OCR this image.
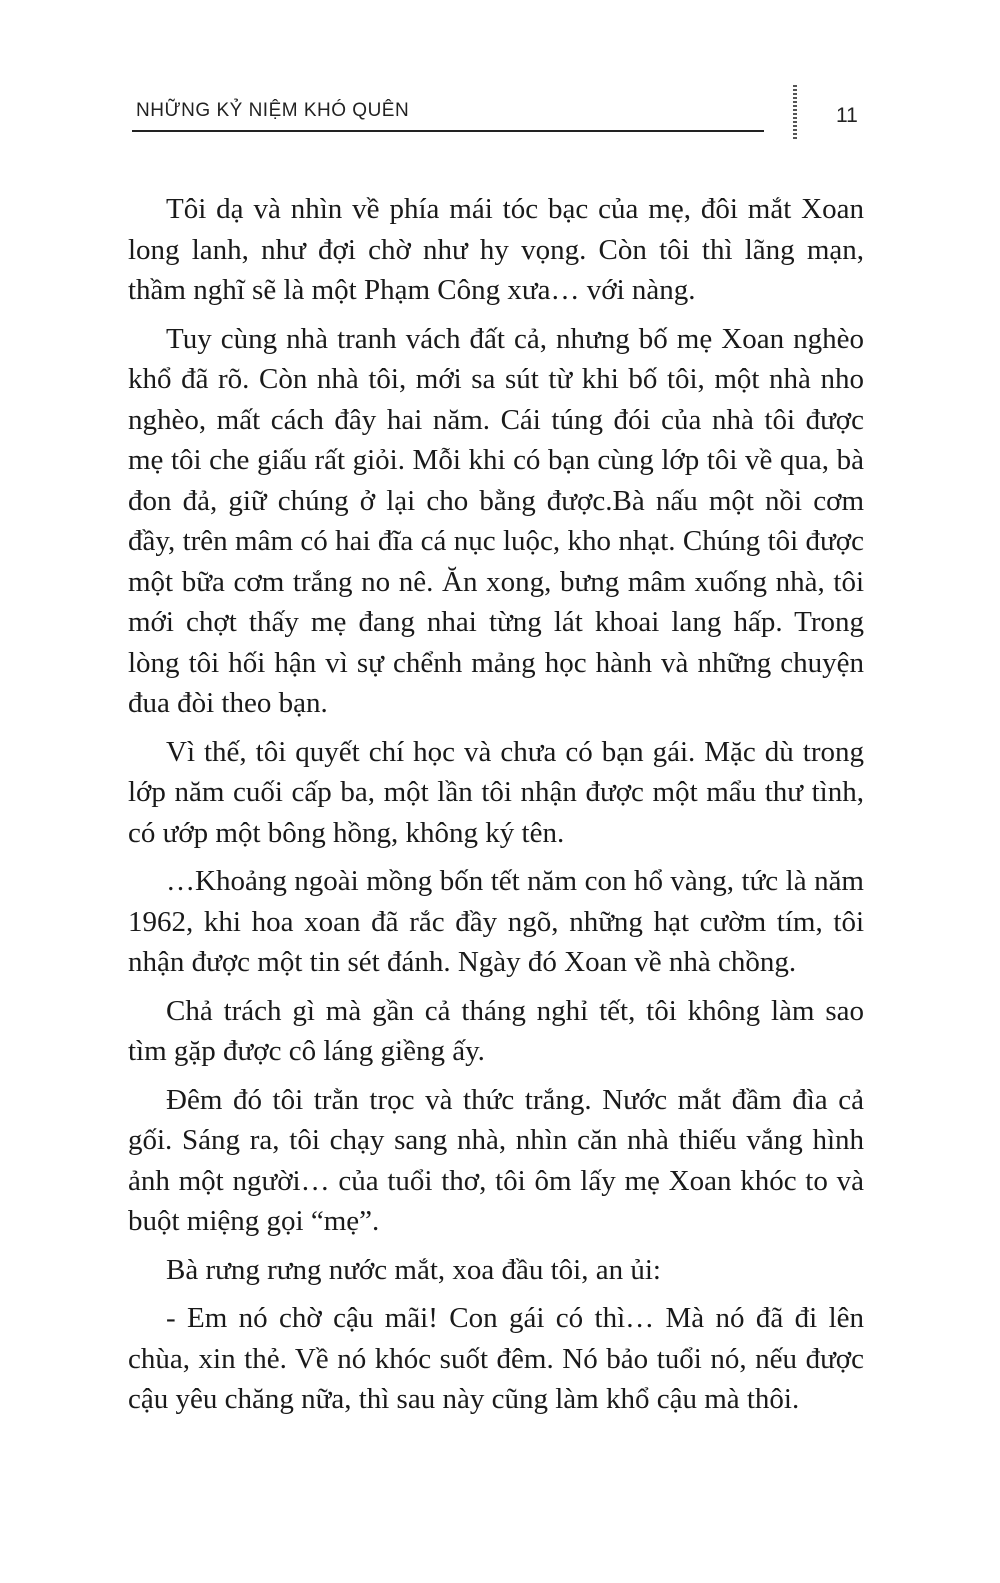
NHỮNG KỶ NIỆM KHÓ QUÊN	11

Tôi dạ và nhìn về phía mái tóc bạc của mẹ, đôi mắt Xoan long lanh, như đợi chờ như hy vọng. Còn tôi thì lãng mạn, thầm nghĩ sẽ là một Phạm Công xưa… với nàng.

Tuy cùng nhà tranh vách đất cả, nhưng bố mẹ Xoan nghèo khổ đã rõ. Còn nhà tôi, mới sa sút từ khi bố tôi, một nhà nho nghèo, mất cách đây hai năm. Cái túng đói của nhà tôi được mẹ tôi che giấu rất giỏi. Mỗi khi có bạn cùng lớp tôi về qua, bà đon đả, giữ chúng ở lại cho bằng được.Bà nấu một nồi cơm đầy, trên mâm có hai đĩa cá nục luộc, kho nhạt. Chúng tôi được một bữa cơm trắng no nê. Ăn xong, bưng mâm xuống nhà, tôi mới chợt thấy mẹ đang nhai từng lát khoai lang hấp. Trong lòng tôi hối hận vì sự chểnh mảng học hành và những chuyện đua đòi theo bạn.

Vì thế, tôi quyết chí học và chưa có bạn gái. Mặc dù trong lớp năm cuối cấp ba, một lần tôi nhận được một mẩu thư tình, có ướp một bông hồng, không ký tên.

…Khoảng ngoài mồng bốn tết năm con hổ vàng, tức là năm 1962, khi hoa xoan đã rắc đầy ngõ, những hạt cườm tím, tôi nhận được một tin sét đánh. Ngày đó Xoan về nhà chồng.

Chả trách gì mà gần cả tháng nghỉ tết, tôi không làm sao tìm gặp được cô láng giềng ấy.

Đêm đó tôi trằn trọc và thức trắng. Nước mắt đầm đìa cả gối. Sáng ra, tôi chạy sang nhà, nhìn căn nhà thiếu vắng hình ảnh một người… của tuổi thơ, tôi ôm lấy mẹ Xoan khóc to và buột miệng gọi “mẹ”.

Bà rưng rưng nước mắt, xoa đầu tôi, an ủi:

- Em nó chờ cậu mãi! Con gái có thì… Mà nó đã đi lên chùa, xin thẻ. Về nó khóc suốt đêm. Nó bảo tuổi nó, nếu được cậu yêu chăng nữa, thì sau này cũng làm khổ cậu mà thôi.
